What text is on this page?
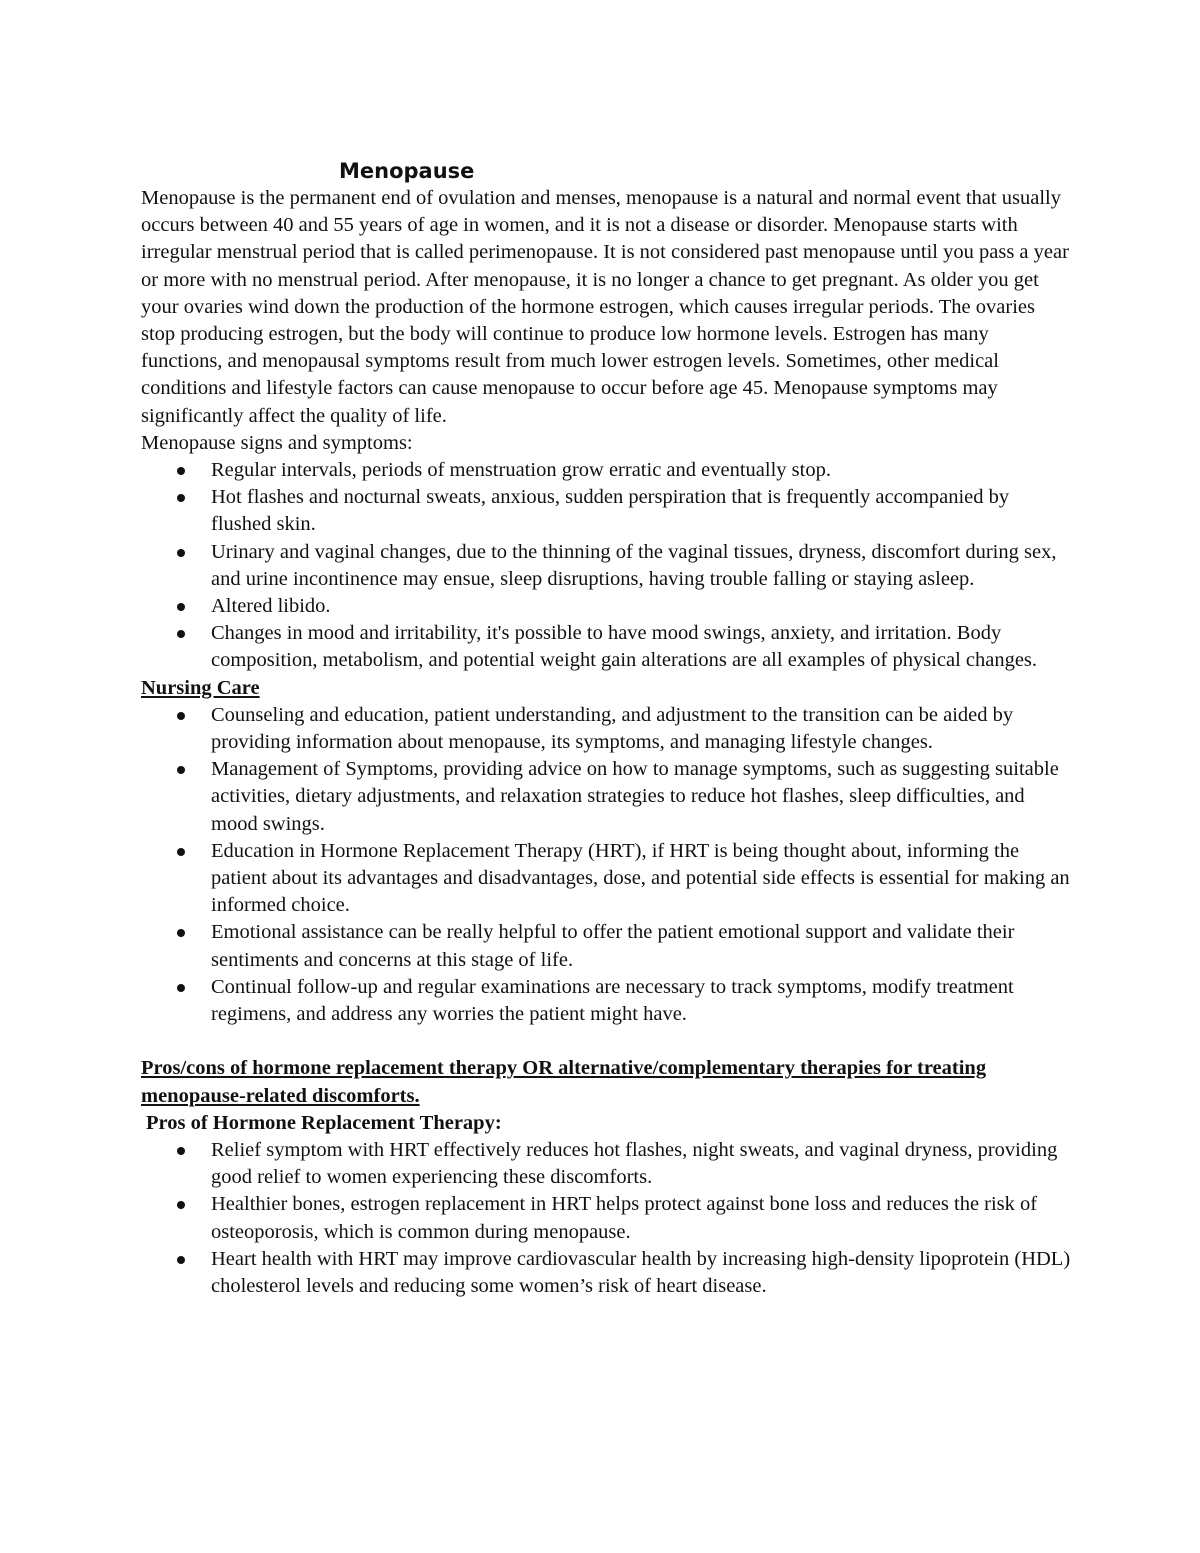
Menopause

Menopause is the permanent end of ovulation and menses, menopause is a natural and normal event that usually occurs between 40 and 55 years of age in women, and it is not a disease or disorder. Menopause starts with irregular menstrual period that is called perimenopause. It is not considered past menopause until you pass a year or more with no menstrual period. After menopause, it is no longer a chance to get pregnant. As older you get your ovaries wind down the production of the hormone estrogen, which causes irregular periods. The ovaries stop producing estrogen, but the body will continue to produce low hormone levels. Estrogen has many functions, and menopausal symptoms result from much lower estrogen levels. Sometimes, other medical conditions and lifestyle factors can cause menopause to occur before age 45. Menopause symptoms may significantly affect the quality of life.

Menopause signs and symptoms:

Regular intervals, periods of menstruation grow erratic and eventually stop.
Hot flashes and nocturnal sweats, anxious, sudden perspiration that is frequently accompanied by flushed skin.
Urinary and vaginal changes, due to the thinning of the vaginal tissues, dryness, discomfort during sex, and urine incontinence may ensue, sleep disruptions, having trouble falling or staying asleep.
Altered libido.
Changes in mood and irritability, it's possible to have mood swings, anxiety, and irritation. Body composition, metabolism, and potential weight gain alterations are all examples of physical changes.

Nursing Care

Counseling and education, patient understanding, and adjustment to the transition can be aided by providing information about menopause, its symptoms, and managing lifestyle changes.
Management of Symptoms, providing advice on how to manage symptoms, such as suggesting suitable activities, dietary adjustments, and relaxation strategies to reduce hot flashes, sleep difficulties, and mood swings.
Education in Hormone Replacement Therapy (HRT), if HRT is being thought about, informing the patient about its advantages and disadvantages, dose, and potential side effects is essential for making an informed choice.
Emotional assistance can be really helpful to offer the patient emotional support and validate their sentiments and concerns at this stage of life.
Continual follow-up and regular examinations are necessary to track symptoms, modify treatment regimens, and address any worries the patient might have.

Pros/cons of hormone replacement therapy OR alternative/complementary therapies for treating menopause-related discomforts.

Pros of Hormone Replacement Therapy:

Relief symptom with HRT effectively reduces hot flashes, night sweats, and vaginal dryness, providing good relief to women experiencing these discomforts.
Healthier bones, estrogen replacement in HRT helps protect against bone loss and reduces the risk of osteoporosis, which is common during menopause.
Heart health with HRT may improve cardiovascular health by increasing high-density lipoprotein (HDL) cholesterol levels and reducing some women’s risk of heart disease.
